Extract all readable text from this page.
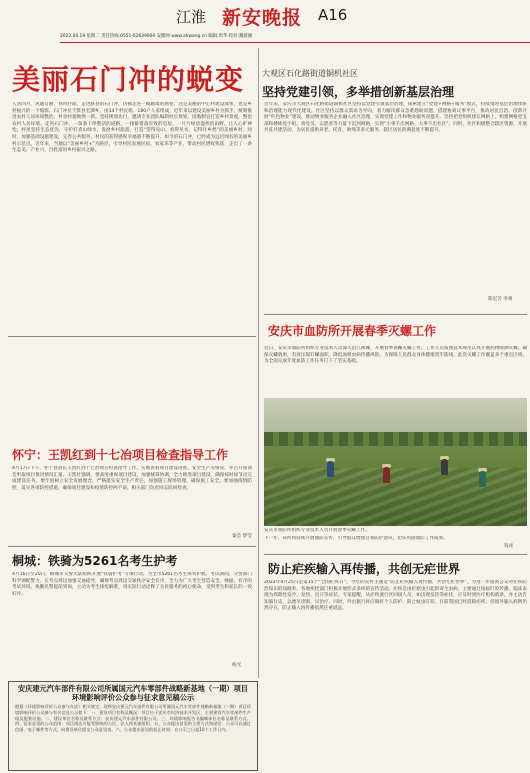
江淮 新安晚报 A16
2022.04.19 星期二 责任热线:0551-62639900 安徽网 www.ahwang.cn 编辑:周华 校对:魏建刚
美丽石门冲的蜕变
人居四月，风暖日丽，春风扑面。走进黟县的石门冲，仿佛走进一幅画境的画卷。这是美丽的中心村建设成果，也是乡村振兴的一个缩影。石门冲位于黟县宏潭乡，由14个村民组、180户人家组成，近年来以建设美丽乡村为抓手，统筹推进农村人居环境整治，村容村貌焕然一新。坚持规划先行，邀请专业团队编制村庄规划，因地制宜打造乡村景观，整治农村人居环境。走进石门冲，一条条干净整洁的道路，一排排错落有致的房屋，一片片绿意盎然的田野，让人心旷神怡。村里坚持生态优先，守护好青山绿水，发展乡村旅游，打造“望得见山、看得见水、记得住乡愁”的美丽乡村。同时，加强基础设施建设，完善公共服务，村民的获得感和幸福感不断提升。如今的石门冲，已经成为远近闻名的美丽乡村示范点。近年来，当地以“美丽乡村+”为路径，引导村民发展民宿、农家乐等产业，带动村民增收致富，走出了一条生态美、产业兴、百姓富的乡村振兴之路。
大观区石化路街道铜机社区
坚持党建引领，多举措创新基层治理
近年来，安庆市大观区石化路街道铜机社区坚持以党建引领基层治理，探索建立“党建+网格+服务”模式，持续推进基层治理体系和治理能力现代化建设。社区坚持以群众需求为导向，着力解决群众急难愁盼问题，搭建协商议事平台，推动居民自治。创新开展“红色物业”建设，推动物业服务企业融入社区治理，实现党建工作和物业服务双提升。坚持把党组织建在网格上，组建网格党支部和楼栋党小组，将党员、志愿者等力量下沉到网格，实现“小事不出网格、大事不出社区”。同时，社区积极整合辖区资源，开展共驻共建活动，为居民提供养老、托育、助残等多元服务，辖区居民的满意度不断提升。
陈尼芳 李爽
安庆市血防所开展春季灭螺工作
近日，安庆市血防所组织专业技术人员深入沿江洲滩，开展春季查螺灭螺工作。工作人员按照技术规范认真开展药物喷洒灭螺，确保灭螺效果，有效压缩钉螺面积，降低血吸虫病传播风险，为保障人民群众身体健康筑牢防线。此次灭螺工作覆盖多个重点区域，为全面完成年度血防工作任务打下了坚实基础。
安庆市血防所组织专业技术人员开展春季灭螺工作。
下一步，该所将持续开展血防宣传，引导群众增强自我防护意识，切实巩固血防工作成果。
钱亮
防止疟疾输入再传播，共创无疟世界
2022年4月25日是第15个“全国疟疾日”，今年的宣传主题是“防止疟疾输入再传播，共创无疟世界”。为进一步提高公众对疟疾防治知识的知晓率，各地疾控部门积极开展形式多样的宣传活动。疟疾是由疟原虫引起的寄生虫病，主要通过按蚊叮咬传播，临床表现为周期性发冷、发热、出汗等症状。专家提醒，从疟疾流行区回国人员，如出现发热等症状，应及时到医疗机构就诊，并主动告知旅行史，以便早诊断、早治疗。同时，外出旅行时应做好个人防护，防止蚊虫叮咬。目前我国已经消除疟疾，但境外输入病例仍然存在，防止输入再传播依然任重道远。
怀宁：王凯红到十七冶项目检查指导工作
4月17日下午，怀宁县县长王凯红到十七冶项目检查指导工作，实地查看项目建设进度、安全生产等情况，并召开座谈会听取项目推进情况汇报。王凯红强调，要高度重视项目建设，加强统筹协调，全力推进项目建设，确保按时间节点完成建设任务。要牢固树立安全发展理念，严格落实安全生产责任，加强施工现场管理，确保施工安全。要加强疫情防控，落实各项防控措施，确保项目建设和疫情防控两不误。相关部门负责同志陪同检查。
秦芸 梦莹
桐城：铁骑为5261名考生护考
4月16日至20日，桐城市交警大队组织开展“铁骑护考”专项行动，为全市5261名考生保驾护航。考试期间，交警部门科学调配警力，在考点周边加强交通疏导，确保考点周边交通秩序安全有序，全力为广大考生营造安全、畅通、有序的考试环境。执勤民警提前到岗，主动为考生排忧解难，用实际行动诠释了为民服务的初心使命，受到考生和家长的一致好评。
杨光
安庆建元汽车部件有限公司所属国元汽车零部件战略新基地（一期）项目环境影响评价公众参与征求意见稿公示
根据《环境影响评价公众参与办法》相关规定，现将安庆建元汽车部件有限公司所属国元汽车零部件战略新基地（一期）项目环境影响评价公众参与有关信息公示如下：一、建设项目名称及概况：项目位于安庆市经济技术开发区，主要建设汽车零部件生产线及配套设施。二、建设单位名称及联系方式：安庆建元汽车部件有限公司。三、环境影响报告书编制单位名称及联系方式。四、征求意见的公众范围：项目周边可能受影响的公民、法人和其他组织。五、公众提出意见的主要方式和途径：公众可以通过信函、电子邮件等方式，向建设单位提交公众意见表。六、公众提出意见的起止时间：自公示之日起10个工作日内。
